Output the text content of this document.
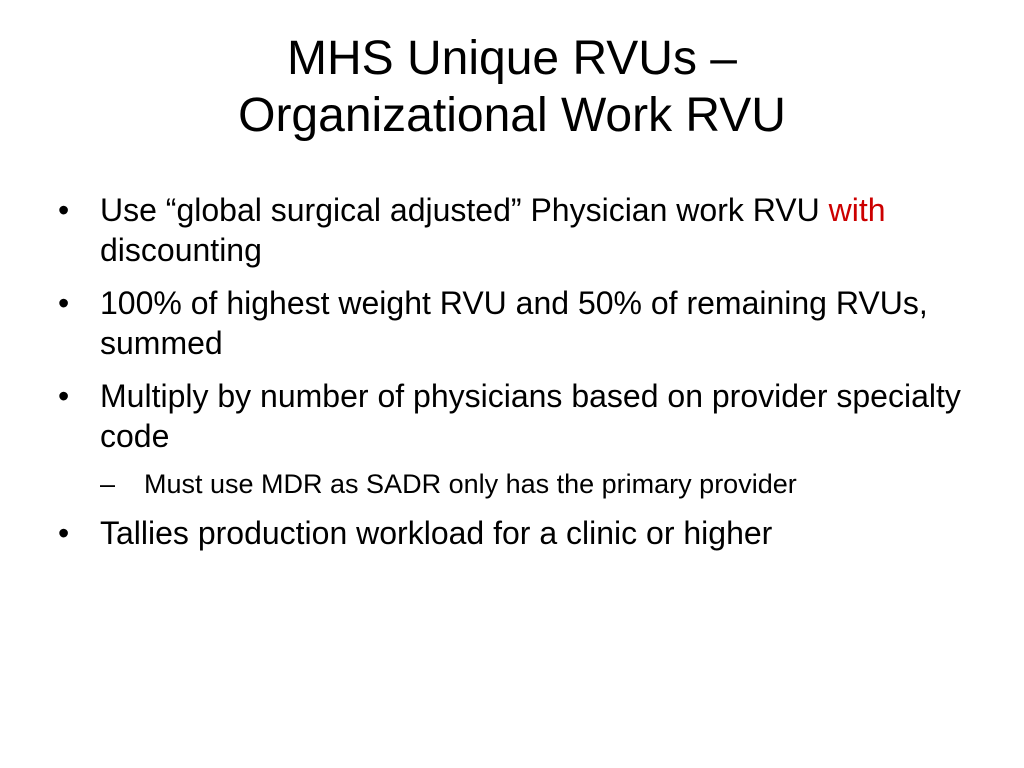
MHS Unique RVUs –
Organizational Work RVU
• Use “global surgical adjusted” Physician work RVU with discounting
• 100% of highest weight RVU and 50% of remaining RVUs, summed
• Multiply by number of physicians based on provider specialty code
–	Must use MDR as SADR only has the primary provider
• Tallies production workload for a clinic or higher
